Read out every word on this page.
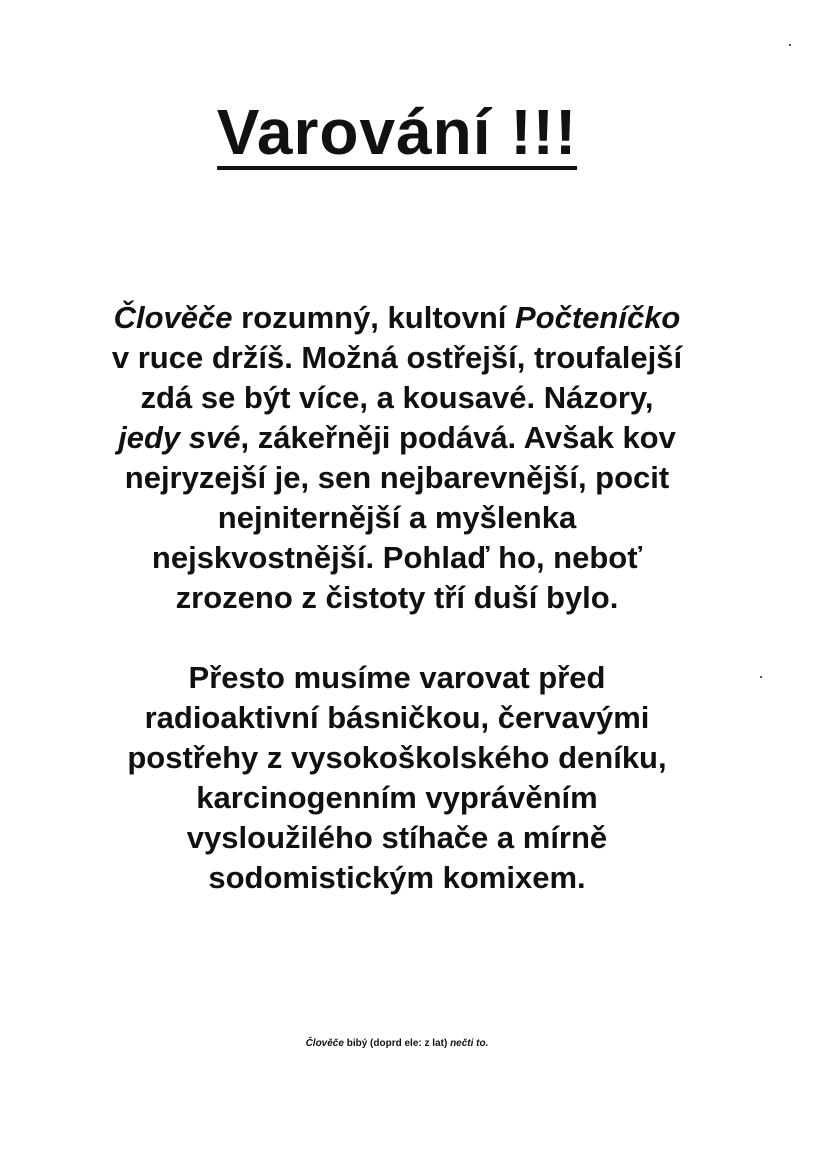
Varování !!!

Člověče rozumný, kultovní Počteníčko
v ruce držíš. Možná ostřejší, troufalejší
zdá se být více, a kousavé. Názory,
jedy své, zákeřněji podává. Avšak kov
nejryzejší je, sen nejbarevnější, pocit
nejniternější a myšlenka
nejskvostnější. Pohlaď ho, neboť
zrozeno z čistoty tří duší bylo.

Přesto musíme varovat před
radioaktivní básničkou, červavými
postřehy z vysokoškolského deníku,
karcinogenním vyprávěním
vysloužilého stíhače a mírně
sodomistickým komixem.

Člověče bibý (doprd ele: z lat) nečti to.
